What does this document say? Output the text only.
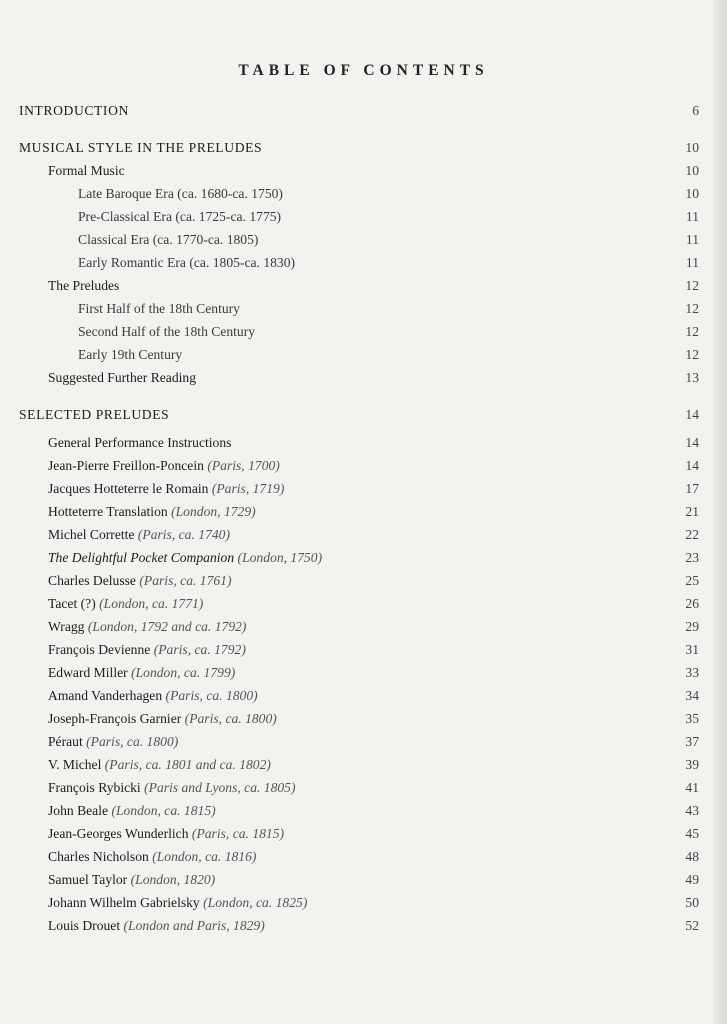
TABLE OF CONTENTS
INTRODUCTION	6
MUSICAL STYLE IN THE PRELUDES	10
Formal Music	10
Late Baroque Era (ca. 1680-ca. 1750)	10
Pre-Classical Era (ca. 1725-ca. 1775)	11
Classical Era (ca. 1770-ca. 1805)	11
Early Romantic Era (ca. 1805-ca. 1830)	11
The Preludes	12
First Half of the 18th Century	12
Second Half of the 18th Century	12
Early 19th Century	12
Suggested Further Reading	13
SELECTED PRELUDES	14
General Performance Instructions	14
Jean-Pierre Freillon-Poncein (Paris, 1700)	14
Jacques Hotteterre le Romain (Paris, 1719)	17
Hotteterre Translation (London, 1729)	21
Michel Corrette (Paris, ca. 1740)	22
The Delightful Pocket Companion (London, 1750)	23
Charles Delusse (Paris, ca. 1761)	25
Tacet (?) (London, ca. 1771)	26
Wragg (London, 1792 and ca. 1792)	29
François Devienne (Paris, ca. 1792)	31
Edward Miller (London, ca. 1799)	33
Amand Vanderhagen (Paris, ca. 1800)	34
Joseph-François Garnier (Paris, ca. 1800)	35
Péraut (Paris, ca. 1800)	37
V. Michel (Paris, ca. 1801 and ca. 1802)	39
François Rybicki (Paris and Lyons, ca. 1805)	41
John Beale (London, ca. 1815)	43
Jean-Georges Wunderlich (Paris, ca. 1815)	45
Charles Nicholson (London, ca. 1816)	48
Samuel Taylor (London, 1820)	49
Johann Wilhelm Gabrielsky (London, ca. 1825)	50
Louis Drouet (London and Paris, 1829)	52
